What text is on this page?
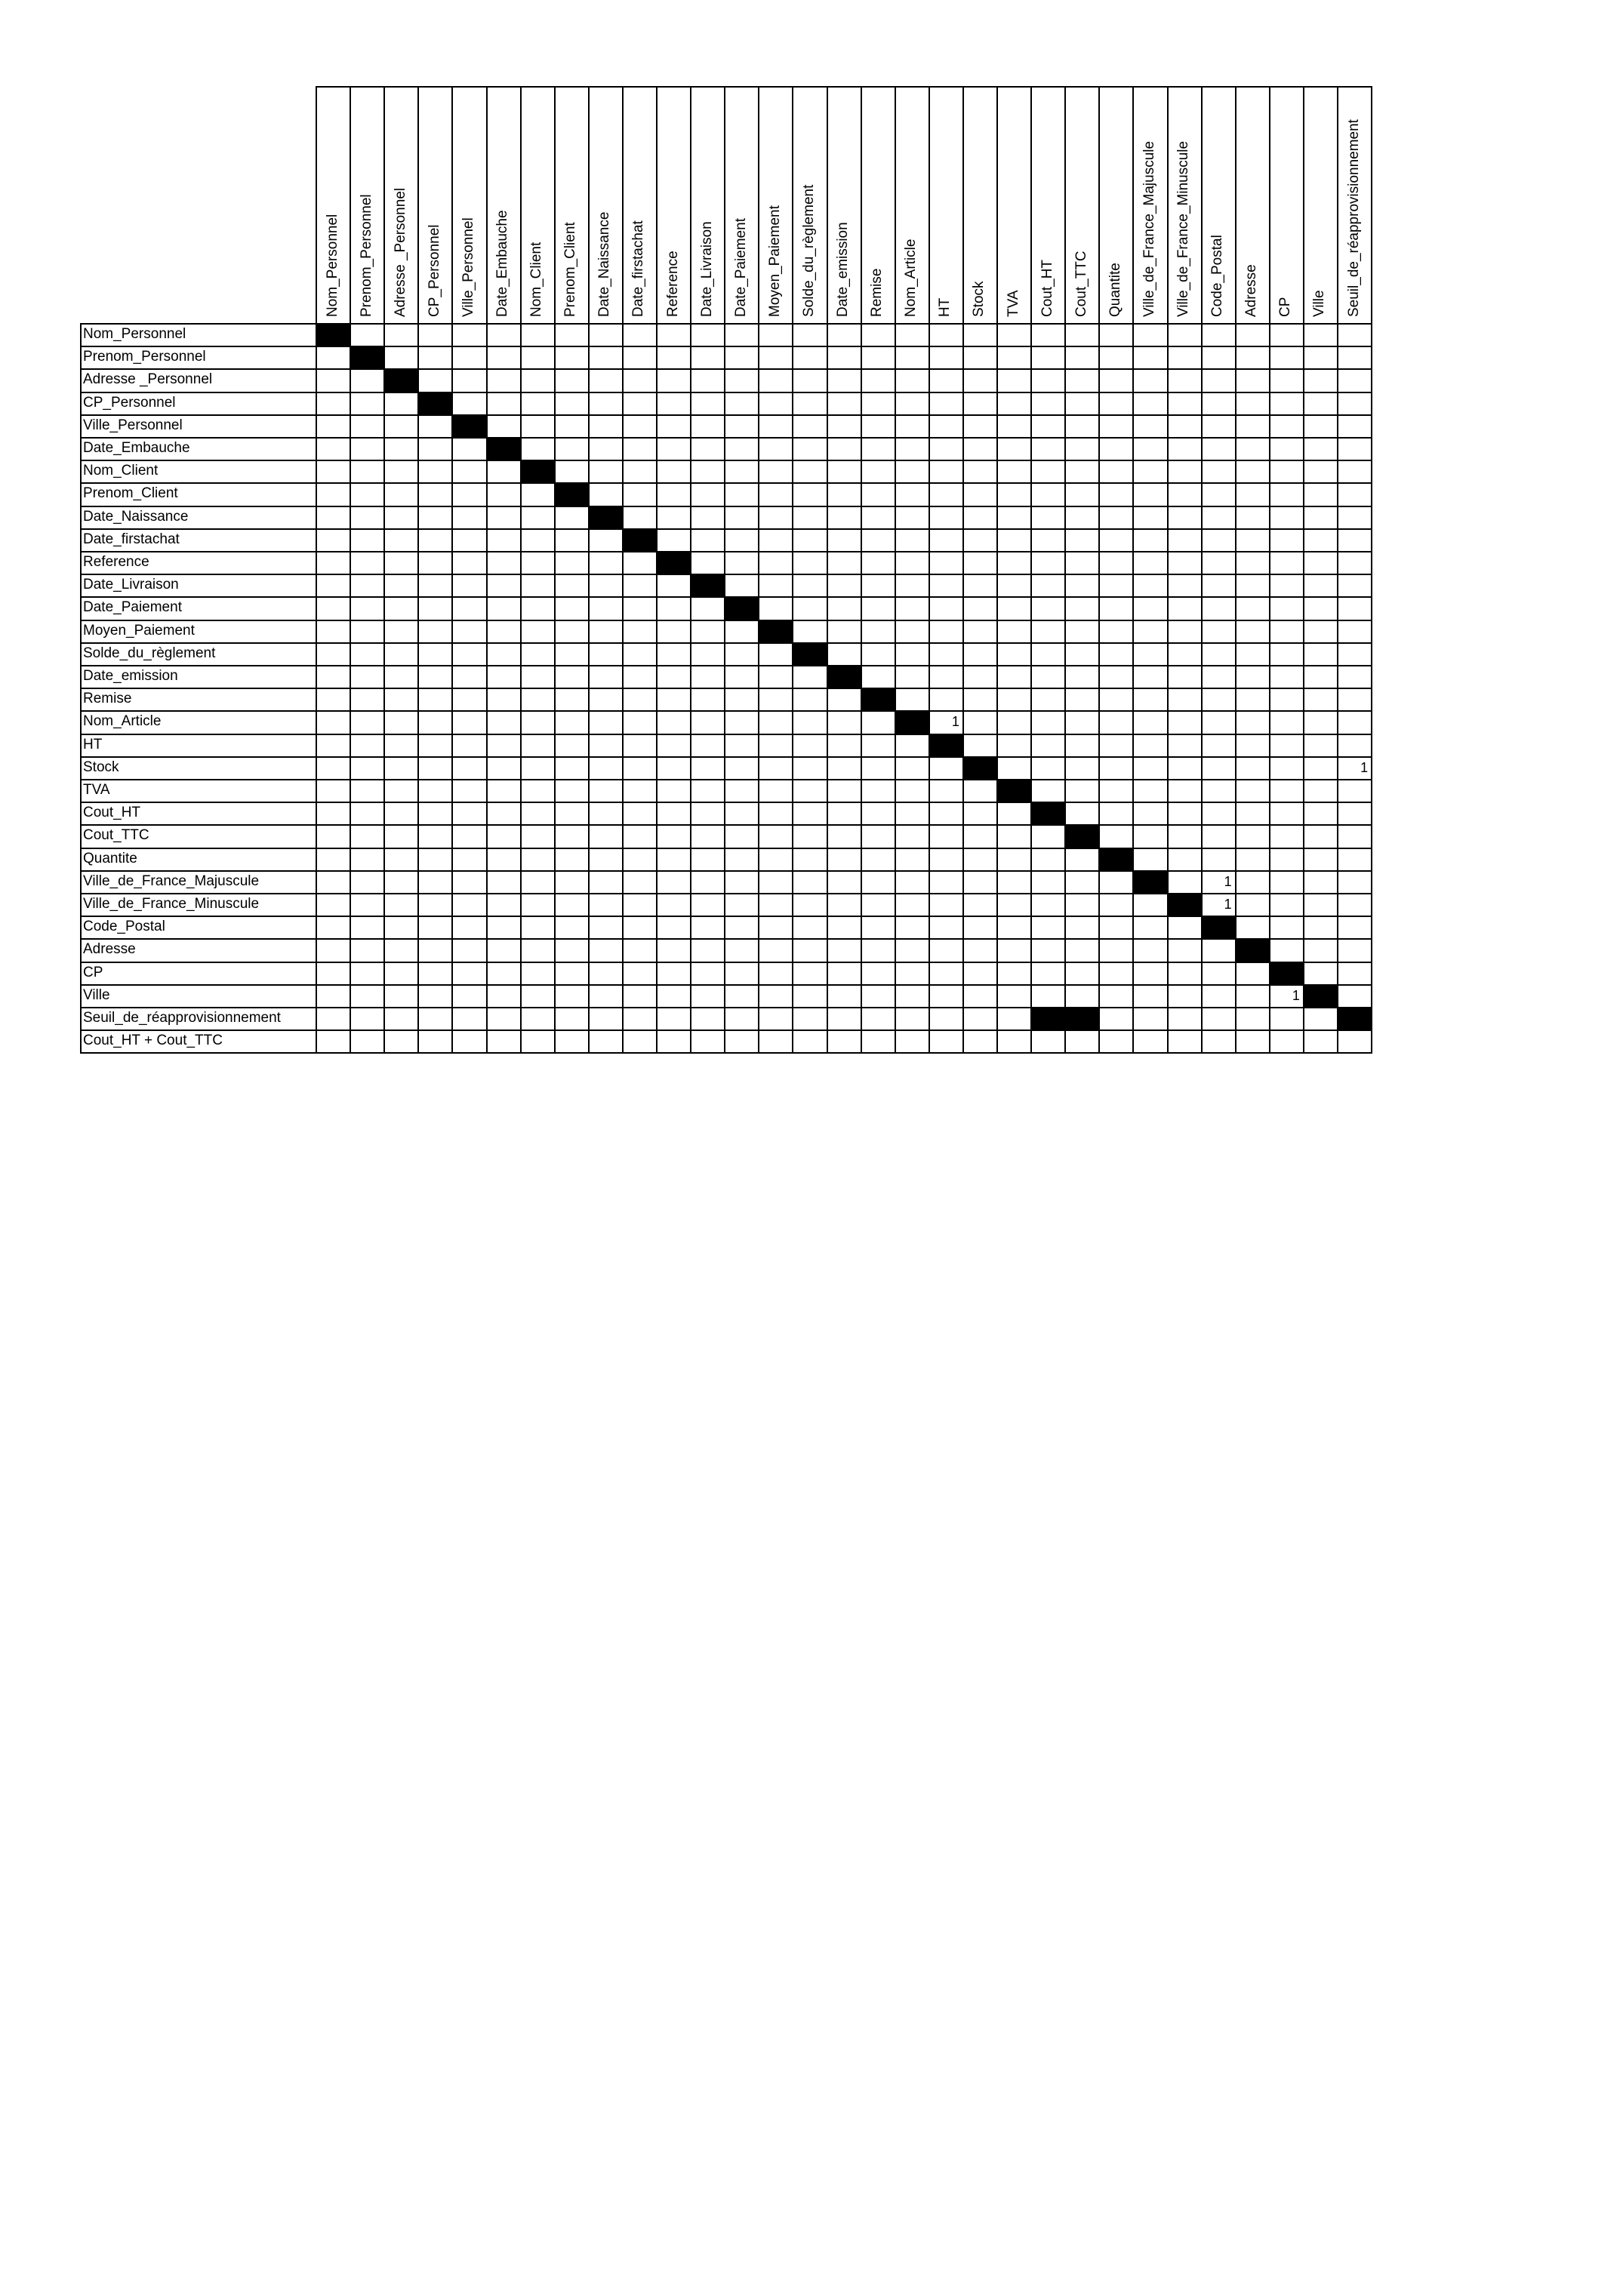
Nom_Personnel Prenom_Personnel Adresse _Personnel CP_Personnel Ville_Personnel Date_Embauche Nom_Client Prenom_Client Date_Naissance Date_firstachat Reference Date_Livraison Date_Paiement Moyen_Paiement Solde_du_règlement Date_emission Remise Nom_Article HT Stock TVA Cout_HT Cout_TTC Quantite Ville_de_France_Majuscule Ville_de_France_Minuscule Code_Postal Adresse CP Ville Seuil_de_réapprovisionnement
Nom_Personnel
Prenom_Personnel
Adresse _Personnel
CP_Personnel
Ville_Personnel
Date_Embauche
Nom_Client
Prenom_Client
Date_Naissance
Date_firstachat
Reference
Date_Livraison
Date_Paiement
Moyen_Paiement
Solde_du_règlement
Date_emission
Remise
Nom_Article
HT
Stock
TVA
Cout_HT
Cout_TTC
Quantite
Ville_de_France_Majuscule
Ville_de_France_Minuscule
Code_Postal
Adresse
CP
Ville
Seuil_de_réapprovisionnement
Cout_HT + Cout_TTC
1
1
1
1
1
